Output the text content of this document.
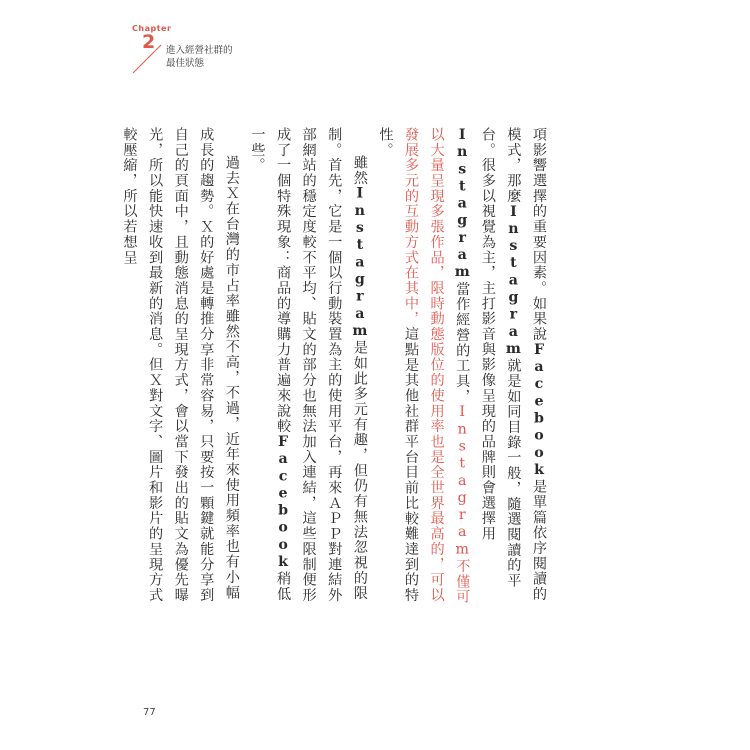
Chapter
2 進入經營社群的
最佳狀態

項影響選擇的重要因素。如果說Facebook是單篇依序閱讀的模式，那麼Instagram就是如同目錄一般，隨選閱讀的平台。很多以視覺為主，主打影音與影像呈現的品牌則會選擇用Instagram當作經營的工具，Instagram不僅可以大量呈現多張作品，限時動態版位的使用率也是全世界最高的，可以發展多元的互動方式在其中，這點是其他社群平台目前比較難達到的特性。

雖然Instagram是如此多元有趣，但仍有無法忽視的限制。首先，它是一個以行動裝置為主的使用平台，再來ＡＰＰ對連結外部網站的穩定度較不平均、貼文的部分也無法加入連結，這些限制便形成了一個特殊現象：商品的導購力普遍來說較Facebook稍低一些。

過去Ｘ在台灣的市占率雖然不高，不過，近年來使用頻率也有小幅成長的趨勢。Ｘ的好處是轉推分享非常容易，只要按一顆鍵就能分享到自己的頁面中，且動態消息的呈現方式，會以當下發出的貼文為優先曝光，所以能快速收到最新的消息。但Ｘ對文字、圖片和影片的呈現方式較壓縮，所以若想呈

77
